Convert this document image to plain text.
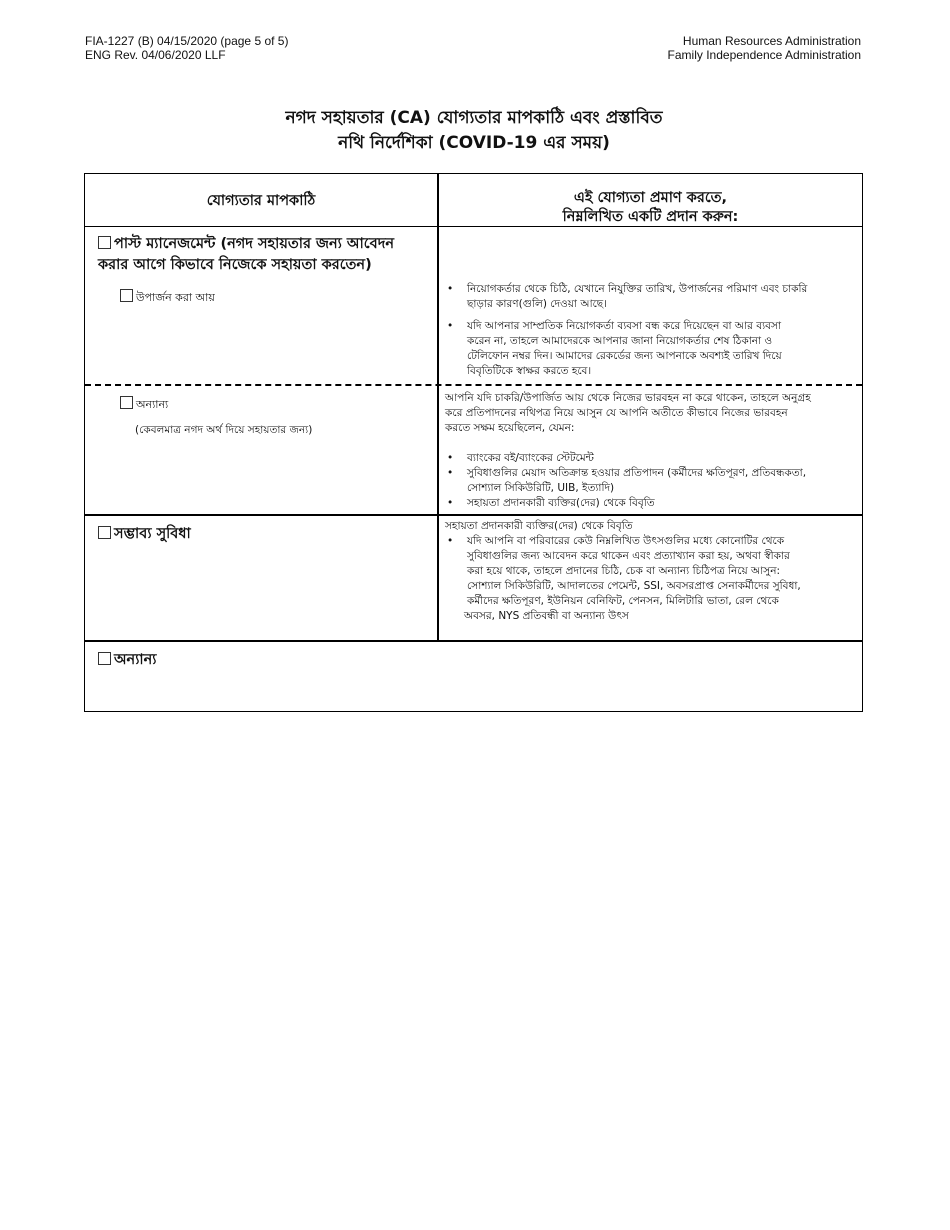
FIA-1227 (B) 04/15/2020 (page 5 of 5)
ENG Rev. 04/06/2020 LLF
Human Resources Administration
Family Independence Administration
নগদ সহায়তার (CA) যোগ্যতার মাপকাঠি এবং প্রস্তাবিত
নথি নির্দেশিকা (COVID-19 এর সময়)
যোগ্যতার মাপকাঠি	এই যোগ্যতা প্রমাণ করতে,
নিম্নলিখিত একটি প্রদান করুন:
পাস্ট ম্যানেজমেন্ট (নগদ সহায়তার জন্য আবেদন
করার আগে কিভাবে নিজেকে সহায়তা করতেন)
উপার্জন করা আয়
• নিয়োগকর্তার থেকে চিঠি, যেখানে নিযুক্তির তারিখ, উপার্জনের পরিমাণ এবং চাকরি
ছাড়ার কারণ(গুলি) দেওয়া আছে।
• যদি আপনার সাম্প্রতিক নিয়োগকর্তা ব্যবসা বন্ধ করে দিয়েছেন বা আর ব্যবসা
করেন না, তাহলে আমাদেরকে আপনার জানা নিয়োগকর্তার শেষ ঠিকানা ও
টেলিফোন নম্বর দিন। আমাদের রেকর্ডের জন্য আপনাকে অবশ্যই তারিখ দিয়ে
বিবৃতিটিকে স্বাক্ষর করতে হবে।
অন্যান্য
(কেবলমাত্র নগদ অর্থ দিয়ে সহায়তার জন্য)
আপনি যদি চাকরি/উপার্জিত আয় থেকে নিজের ভারবহন না করে থাকেন, তাহলে অনুগ্রহ
করে প্রতিপাদনের নথিপত্র নিয়ে আসুন যে আপনি অতীতে কীভাবে নিজের ভারবহন
করতে সক্ষম হয়েছিলেন, যেমন:
• ব্যাংকের বই/ব্যাংকের স্টেটমেন্ট
• সুবিধাগুলির মেয়াদ অতিক্রান্ত হওয়ার প্রতিপাদন (কর্মীদের ক্ষতিপূরণ, প্রতিবন্ধকতা,
সোশ্যাল সিকিউরিটি, UIB, ইত্যাদি)
• সহায়তা প্রদানকারী ব্যক্তির(দের) থেকে বিবৃতি
সম্ভাব্য সুবিধা	সহায়তা প্রদানকারী ব্যক্তির(দের) থেকে বিবৃতি
• যদি আপনি বা পরিবারের কেউ নিম্নলিখিত উৎসগুলির মধ্যে কোনোটির থেকে
সুবিধাগুলির জন্য আবেদন করে থাকেন এবং প্রত্যাখ্যান করা হয়, অথবা স্বীকার
করা হয়ে থাকে, তাহলে প্রদানের চিঠি, চেক বা অন্যান্য চিঠিপত্র নিয়ে আসুন:
সোশ্যাল সিকিউরিটি, আদালতের পেমেন্ট, SSI, অবসরপ্রাপ্ত সেনাকর্মীদের সুবিধা,
কর্মীদের ক্ষতিপূরণ, ইউনিয়ন বেনিফিট, পেনসন, মিলিটারি ভাতা, রেল থেকে
অবসর, NYS প্রতিবন্ধী বা অন্যান্য উৎস
অন্যান্য
